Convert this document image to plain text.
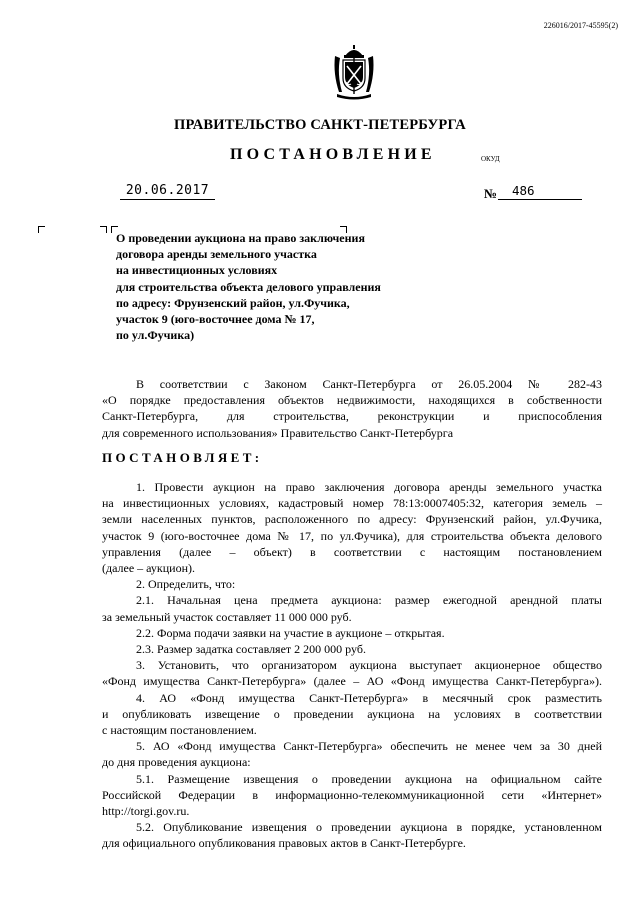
226016/2017-45595(2)
ПРАВИТЕЛЬСТВО САНКТ-ПЕТЕРБУРГА
ПОСТАНОВЛЕНИЕ	ОКУД
20.06.2017	№	486
О проведении аукциона на право заключения
договора аренды земельного участка
на инвестиционных условиях
для строительства объекта делового управления
по адресу: Фрунзенский район, ул.Фучика,
участок 9 (юго-восточнее дома № 17,
по ул.Фучика)
В соответствии с Законом Санкт-Петербурга от 26.05.2004 № 282-43
«О порядке предоставления объектов недвижимости, находящихся в собственности
Санкт-Петербурга, для строительства, реконструкции и приспособления
для современного использования» Правительство Санкт-Петербурга
ПОСТАНОВЛЯЕТ:
1. Провести аукцион на право заключения договора аренды земельного участка
на инвестиционных условиях, кадастровый номер 78:13:0007405:32, категория земель –
земли населенных пунктов, расположенного по адресу: Фрунзенский район, ул.Фучика,
участок 9 (юго-восточнее дома № 17, по ул.Фучика), для строительства объекта делового
управления (далее – объект) в соответствии с настоящим постановлением
(далее – аукцион).
2. Определить, что:
2.1. Начальная цена предмета аукциона: размер ежегодной арендной платы
за земельный участок составляет 11 000 000 руб.
2.2. Форма подачи заявки на участие в аукционе – открытая.
2.3. Размер задатка составляет 2 200 000 руб.
3. Установить, что организатором аукциона выступает акционерное общество
«Фонд имущества Санкт-Петербурга» (далее – АО «Фонд имущества Санкт-Петербурга»).
4. АО «Фонд имущества Санкт-Петербурга» в месячный срок разместить
и опубликовать извещение о проведении аукциона на условиях в соответствии
с настоящим постановлением.
5. АО «Фонд имущества Санкт-Петербурга» обеспечить не менее чем за 30 дней
до дня проведения аукциона:
5.1. Размещение извещения о проведении аукциона на официальном сайте
Российской Федерации в информационно-телекоммуникационной сети «Интернет»
http://torgi.gov.ru.
5.2. Опубликование извещения о проведении аукциона в порядке, установленном
для официального опубликования правовых актов в Санкт-Петербурге.
